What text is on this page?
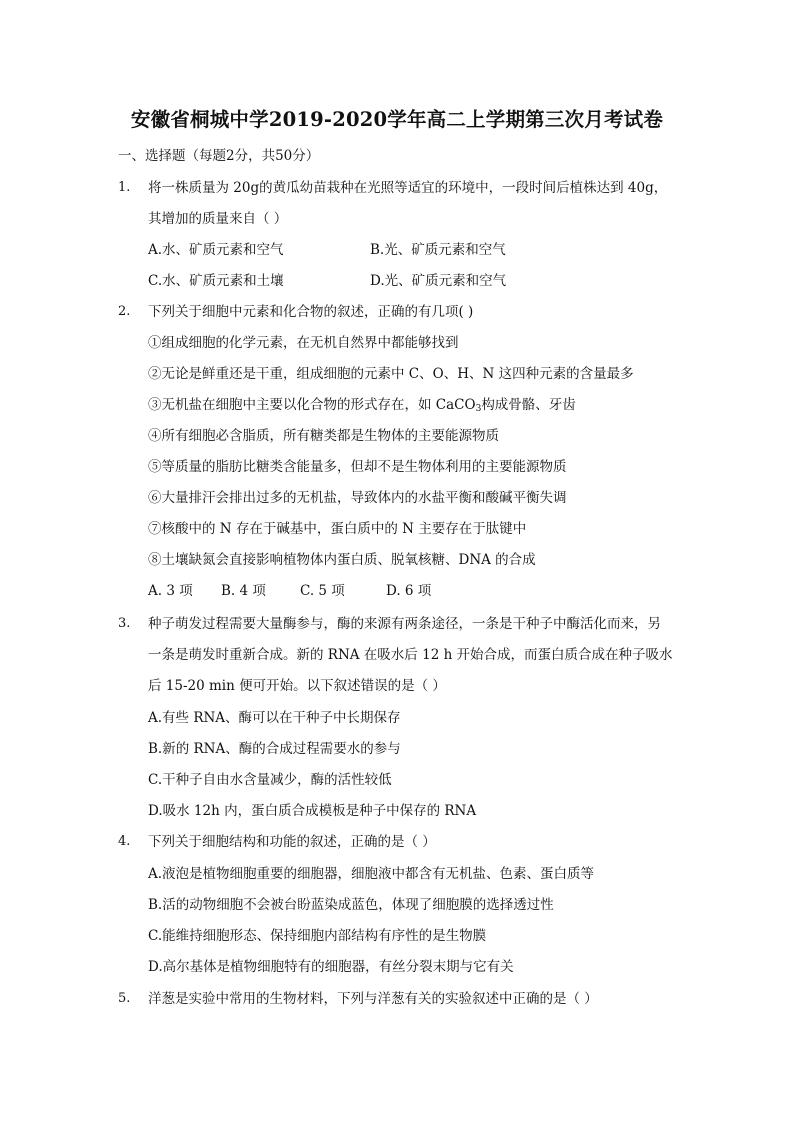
安徽省桐城中学2019-2020学年高二上学期第三次月考试卷
一、选择题（每题2分，共50分）
1. 将一株质量为 20g的黄瓜幼苗栽种在光照等适宜的环境中，一段时间后植株达到 40g，
其增加的质量来自（ ）
A.水、矿质元素和空气	B.光、矿质元素和空气
C.水、矿质元素和土壤	D.光、矿质元素和空气
2. 下列关于细胞中元素和化合物的叙述，正确的有几项( )
①组成细胞的化学元素，在无机自然界中都能够找到
②无论是鲜重还是干重，组成细胞的元素中 C、O、H、N 这四种元素的含量最多
③无机盐在细胞中主要以化合物的形式存在，如 CaCO$_3$构成骨骼、牙齿
④所有细胞必含脂质，所有糖类都是生物体的主要能源物质
⑤等质量的脂肪比糖类含能量多，但却不是生物体利用的主要能源物质
⑥大量排汗会排出过多的无机盐，导致体内的水盐平衡和酸碱平衡失调
⑦核酸中的 N 存在于碱基中，蛋白质中的 N 主要存在于肽键中
⑧土壤缺氮会直接影响植物体内蛋白质、脱氧核糖、DNA 的合成
A. 3 项 B. 4 项	C. 5 项	D. 6 项
3. 种子萌发过程需要大量酶参与，酶的来源有两条途径，一条是干种子中酶活化而来，另
一条是萌发时重新合成。新的 RNA 在吸水后 12 h 开始合成，而蛋白质合成在种子吸水
后 15-20 min 便可开始。以下叙述错误的是（ ）
A.有些 RNA、酶可以在干种子中长期保存
B.新的 RNA、酶的合成过程需要水的参与
C.干种子自由水含量减少，酶的活性较低
D.吸水 12h 内，蛋白质合成模板是种子中保存的 RNA
4. 下列关于细胞结构和功能的叙述，正确的是（ ）
A.液泡是植物细胞重要的细胞器，细胞液中都含有无机盐、色素、蛋白质等
B.活的动物细胞不会被台盼蓝染成蓝色，体现了细胞膜的选择透过性
C.能维持细胞形态、保持细胞内部结构有序性的是生物膜
D.高尔基体是植物细胞特有的细胞器，有丝分裂末期与它有关
5. 洋葱是实验中常用的生物材料，下列与洋葱有关的实验叙述中正确的是（ ）
